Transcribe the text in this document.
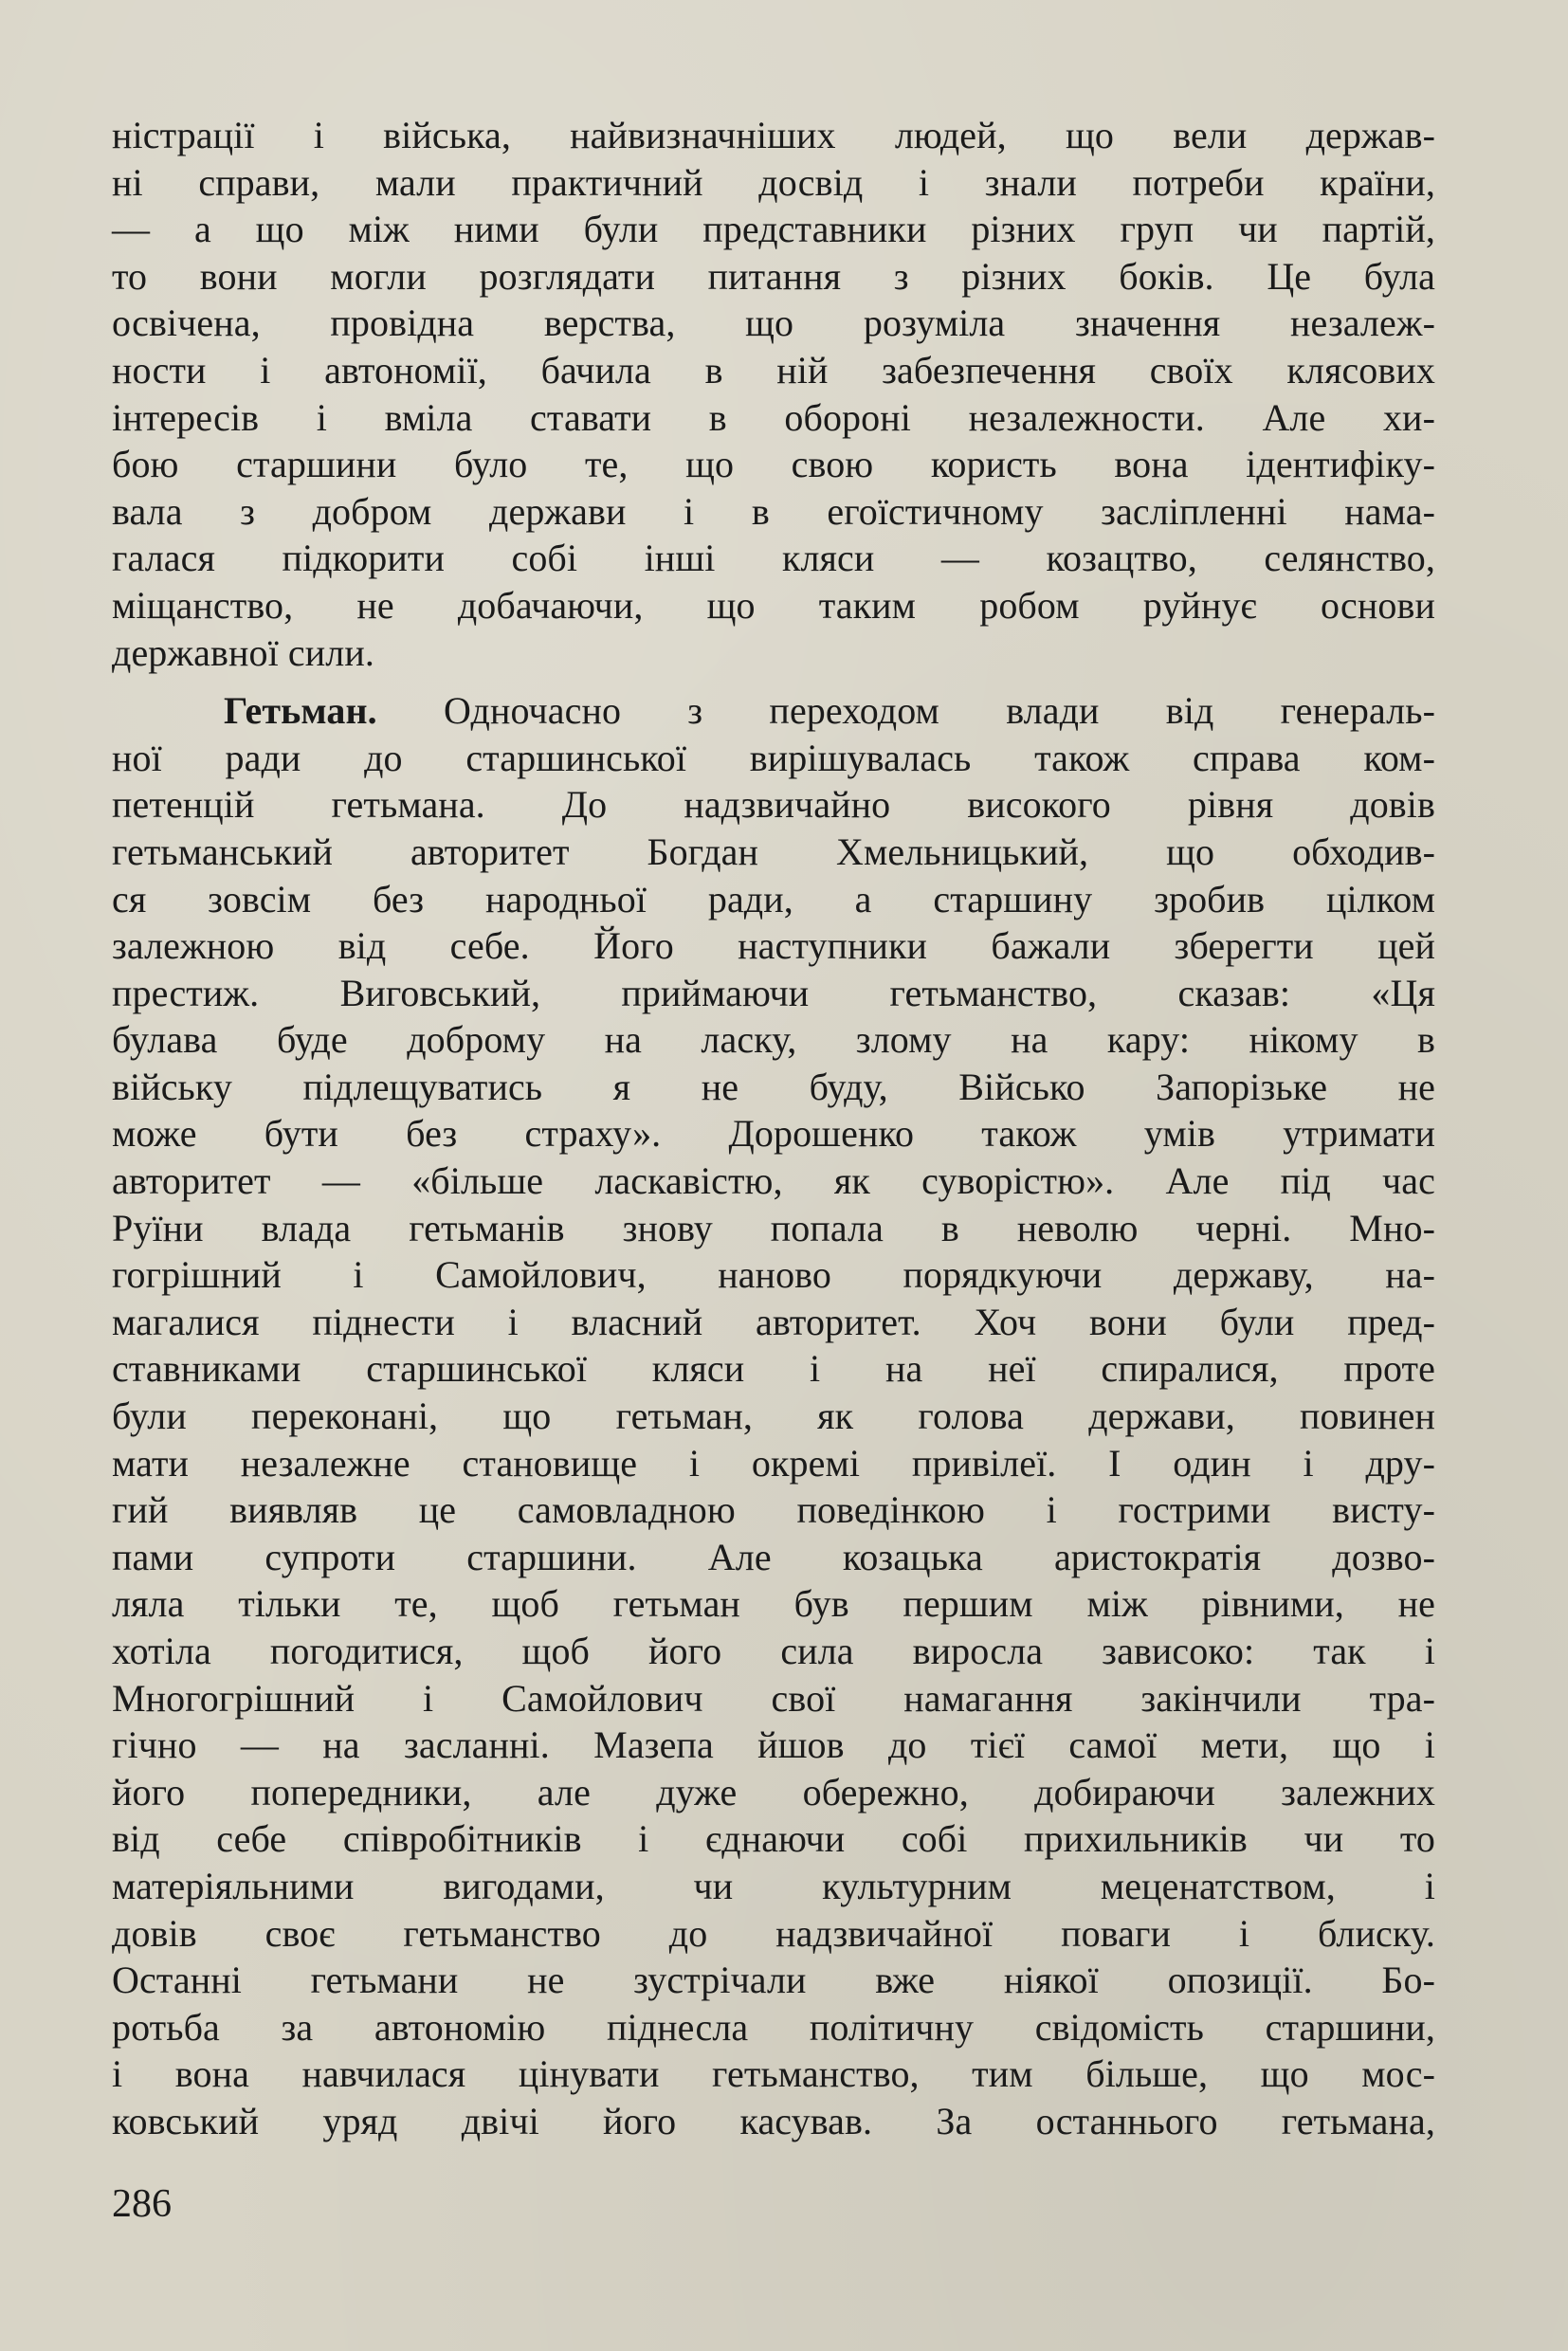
ністрації і війська, найвизначніших людей, що вели держав-
ні справи, мали практичний досвід і знали потреби країни,
— а що між ними були представники різних груп чи партій,
то вони могли розглядати питання з різних боків. Це була
освічена, провідна верства, що розуміла значення незалеж-
ности і автономії, бачила в ній забезпечення своїх клясових
інтересів і вміла ставати в обороні незалежности. Але хи-
бою старшини було те, що свою користь вона ідентифіку-
вала з добром держави і в егоїстичному засліпленні нама-
галася підкорити собі інші кляси — козацтво, селянство,
міщанство, не добачаючи, що таким робом руйнує основи
державної сили.
Гетьман. Одночасно з переходом влади від генераль-
ної ради до старшинської вирішувалась також справа ком-
петенцій гетьмана. До надзвичайно високого рівня довів
гетьманський авторитет Богдан Хмельницький, що обходив-
ся зовсім без народньої ради, а старшину зробив цілком
залежною від себе. Його наступники бажали зберегти цей
престиж. Виговський, приймаючи гетьманство, сказав: «Ця
булава буде доброму на ласку, злому на кару: нікому в
війську підлещуватись я не буду, Військо Запорізьке не
може бути без страху». Дорошенко також умів утримати
авторитет — «більше ласкавістю, як суворістю». Але під час
Руїни влада гетьманів знову попала в неволю черні. Мно-
гогрішний і Самойлович, наново порядкуючи державу, на-
магалися піднести і власний авторитет. Хоч вони були пред-
ставниками старшинської кляси і на неї спиралися, проте
були переконані, що гетьман, як голова держави, повинен
мати незалежне становище і окремі привілеї. І один і дру-
гий виявляв це самовладною поведінкою і гострими висту-
пами супроти старшини. Але козацька аристократія дозво-
ляла тільки те, щоб гетьман був першим між рівними, не
хотіла погодитися, щоб його сила виросла зависоко: так і
Многогрішний і Самойлович свої намагання закінчили тра-
гічно — на засланні. Мазепа йшов до тієї самої мети, що і
його попередники, але дуже обережно, добираючи залежних
від себе співробітників і єднаючи собі прихильників чи то
матеріяльними вигодами, чи культурним меценатством, і
довів своє гетьманство до надзвичайної поваги і блиску.
Останні гетьмани не зустрічали вже ніякої опозиції. Бо-
ротьба за автономію піднесла політичну свідомість старшини,
і вона навчилася цінувати гетьманство, тим більше, що мос-
ковський уряд двічі його касував. За останнього гетьмана,
286
